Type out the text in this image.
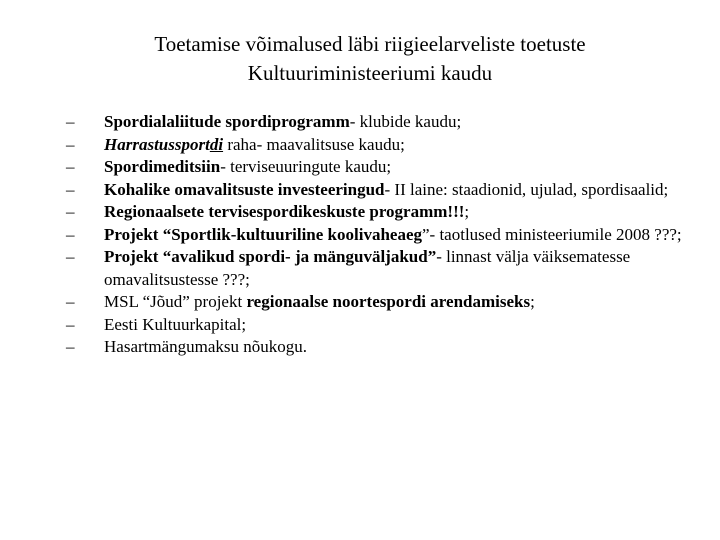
Toetamise võimalused läbi riigieelarveliste toetuste
Kultuuriministeeriumi kaudu
–	Spordialaliitude spordiprogramm- klubide kaudu;
–	Harrastussportdi raha- maavalitsuse kaudu;
–	Spordimeditsiin- terviseuuringute kaudu;
–	Kohalike omavalitsuste investeeringud- II laine: staadionid, ujulad, spordisaalid;
–	Regionaalsete tervisespordikeskuste programm!!!;
–	Projekt “Sportlik-kultuuriline koolivaheaeg”- taotlused ministeeriumile 2008 ???;
–	Projekt “avalikud spordi- ja mänguväljakud”- linnast välja väiksematesse omavalitsustesse ???;
–	MSL “Jõud” projekt regionaalse noortespordi arendamiseks;
–	Eesti Kultuurkapital;
–	Hasartmängumaksu nõukogu.
